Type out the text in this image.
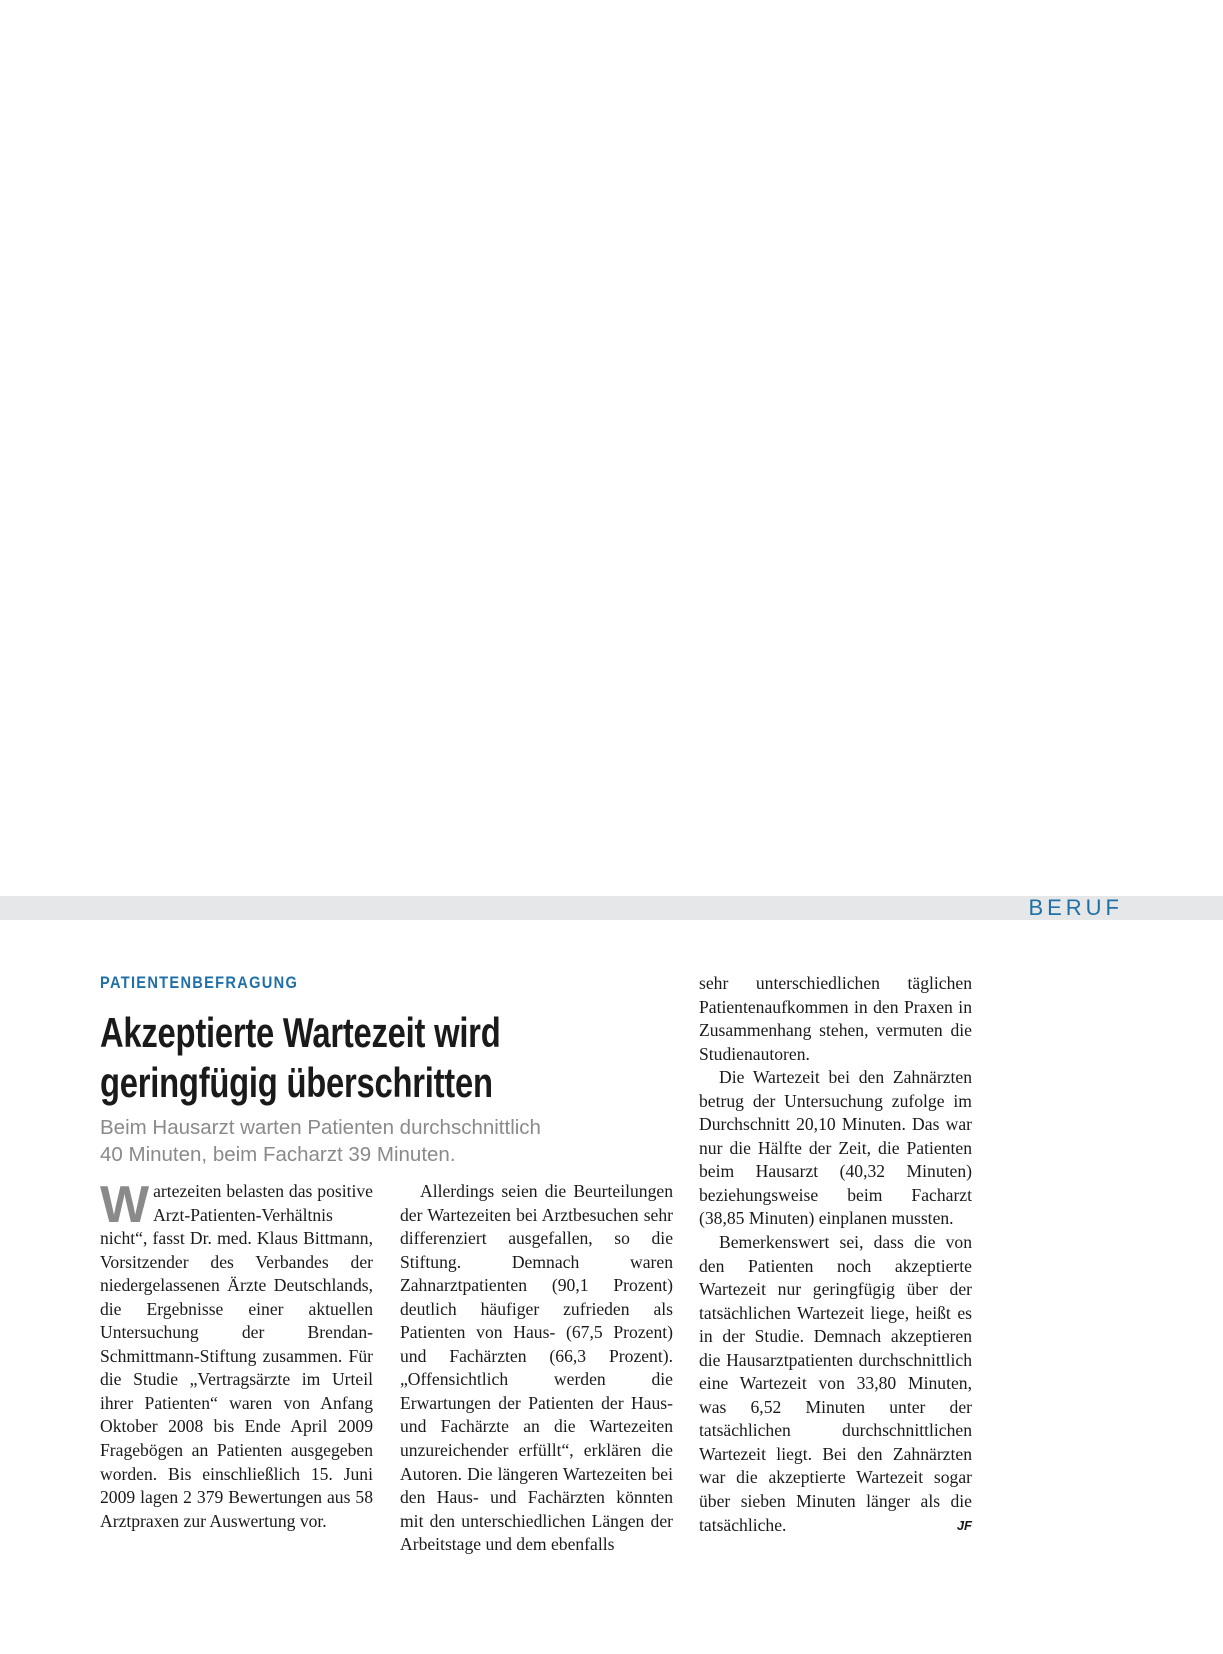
BERUF
PATIENTENBEFRAGUNG
Akzeptierte Wartezeit wird
geringfügig überschritten
Beim Hausarzt warten Patienten durchschnittlich
40 Minuten, beim Facharzt 39 Minuten.

Wartezeiten belasten das positive Arzt-Patienten-Verhältnis nicht“, fasst Dr. med. Klaus Bittmann, Vorsitzender des Verbandes der niedergelassenen Ärzte Deutschlands, die Ergebnisse einer aktuellen Untersuchung der Brendan-Schmittmann-Stiftung zusammen. Für die Studie „Vertragsärzte im Urteil ihrer Patienten“ waren von Anfang Oktober 2008 bis Ende April 2009 Fragebögen an Patienten ausgegeben worden. Bis einschließlich 15. Juni 2009 lagen 2 379 Bewertungen aus 58 Arztpraxen zur Auswertung vor.

Allerdings seien die Beurteilungen der Wartezeiten bei Arztbesuchen sehr differenziert ausgefallen, so die Stiftung. Demnach waren Zahnarztpatienten (90,1 Prozent) deutlich häufiger zufrieden als Patienten von Haus- (67,5 Prozent) und Fachärzten (66,3 Prozent). „Offensichtlich werden die Erwartungen der Patienten der Haus- und Fachärzte an die Wartezeiten unzureichender erfüllt“, erklären die Autoren. Die längeren Wartezeiten bei den Haus- und Fachärzten könnten mit den unterschiedlichen Längen der Arbeitstage und dem ebenfalls

sehr unterschiedlichen täglichen Patientenaufkommen in den Praxen in Zusammenhang stehen, vermuten die Studienautoren.

Die Wartezeit bei den Zahnärzten betrug der Untersuchung zufolge im Durchschnitt 20,10 Minuten. Das war nur die Hälfte der Zeit, die Patienten beim Hausarzt (40,32 Minuten) beziehungsweise beim Facharzt (38,85 Minuten) einplanen mussten.

Bemerkenswert sei, dass die von den Patienten noch akzeptierte Wartezeit nur geringfügig über der tatsächlichen Wartezeit liege, heißt es in der Studie. Demnach akzeptieren die Hausarztpatienten durchschnittlich eine Wartezeit von 33,80 Minuten, was 6,52 Minuten unter der tatsächlichen durchschnittlichen Wartezeit liegt. Bei den Zahnärzten war die akzeptierte Wartezeit sogar über sieben Minuten länger als die tatsächliche.	JF
